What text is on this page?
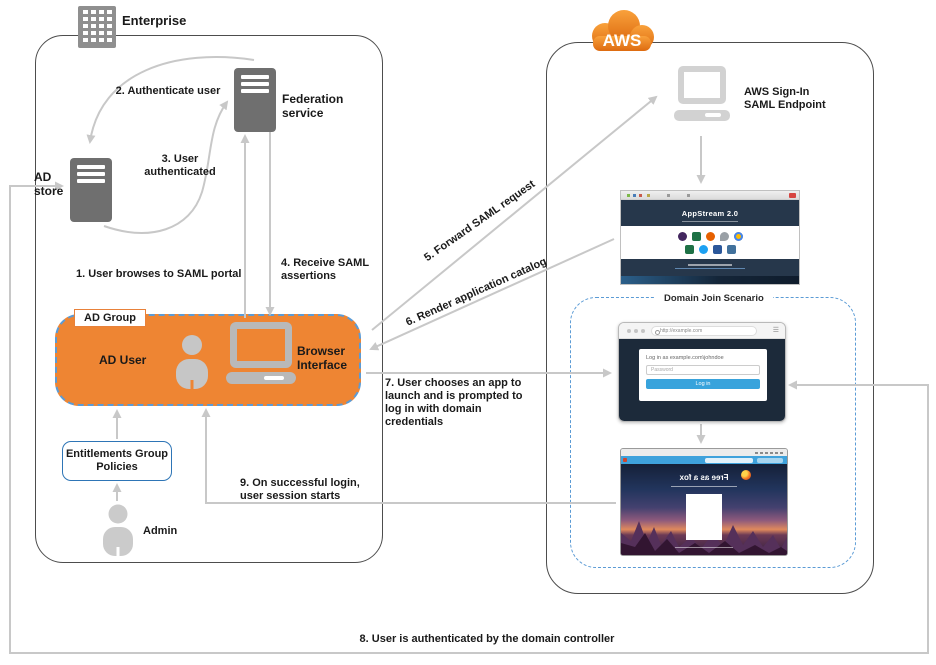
Enterprise
AWS
Federation service
AD store
2. Authenticate user
3. User authenticated
1. User browses to SAML portal
4. Receive SAML assertions
AD Group
AD User
Browser Interface
Entitlements Group Policies
Admin
AWS Sign-In SAML Endpoint
AppStream 2.0
Domain Join Scenario
http://example.com	☰
Log in as example.com\johndoe
Password
Log in
Free as a fox
5. Forward SAML request
6. Render application catalog
7. User chooses an app to launch and is prompted to log in with domain credentials
9. On successful login, user session starts
8. User is authenticated by the domain controller
